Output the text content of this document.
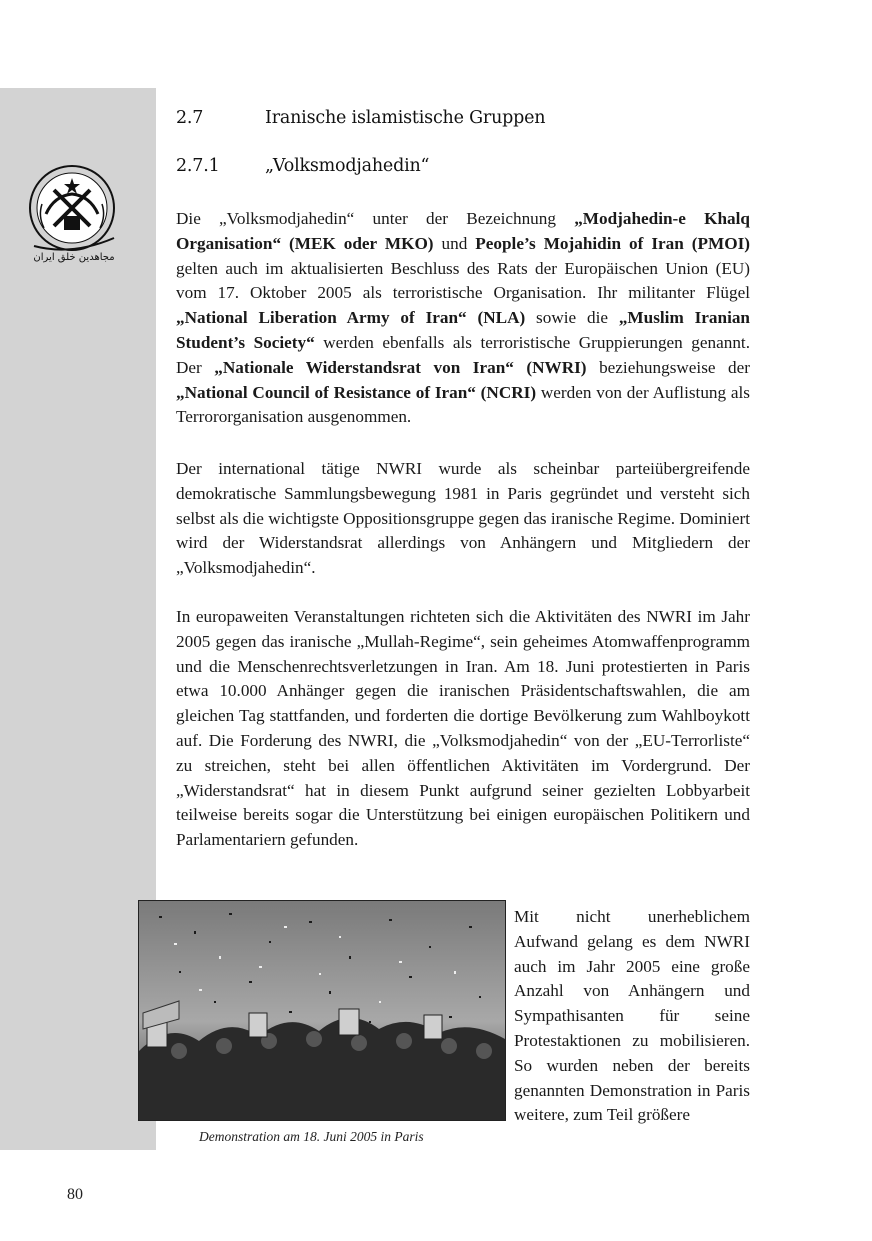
مجاهدین خلق ایران
2.7	Iranische islamistische Gruppen
2.7.1	„Volksmodjahedin“

Die „Volksmodjahedin“ unter der Bezeichnung „Modjahedin-e Khalq Organisation“ (MEK oder MKO) und People’s Mojahidin of Iran (PMOI) gelten auch im aktualisierten Beschluss des Rats der Europäischen Union (EU) vom 17. Oktober 2005 als terroristische Organisation. Ihr militanter Flügel „National Liberation Army of Iran“ (NLA) sowie die „Muslim Iranian Student’s Society“ werden ebenfalls als terroristische Gruppierungen genannt. Der „Nationale Widerstandsrat von Iran“ (NWRI) beziehungsweise der „National Council of Resistance of Iran“ (NCRI) werden von der Auflistung als Terrororganisation ausgenommen.

Der international tätige NWRI wurde als scheinbar parteiübergreifende demokratische Sammlungsbewegung 1981 in Paris gegründet und versteht sich selbst als die wichtigste Oppositionsgruppe gegen das iranische Regime. Dominiert wird der Widerstandsrat allerdings von Anhängern und Mitgliedern der „Volksmodjahedin“.

In europaweiten Veranstaltungen richteten sich die Aktivitäten des NWRI im Jahr 2005 gegen das iranische „Mullah-Regime“, sein geheimes Atomwaffenprogramm und die Menschenrechtsverletzungen in Iran. Am 18. Juni protestierten in Paris etwa 10.000 Anhänger gegen die iranischen Präsidentschaftswahlen, die am gleichen Tag stattfanden, und forderten die dortige Bevölkerung zum Wahlboykott auf. Die Forderung des NWRI, die „Volksmodjahedin“ von der „EU-Terrorliste“ zu streichen, steht bei allen öffentlichen Aktivitäten im Vordergrund. Der „Widerstandsrat“ hat in diesem Punkt aufgrund seiner gezielten Lobbyarbeit teilweise bereits sogar die Unterstützung bei einigen europäischen Politikern und Parlamentariern gefunden.

Demonstration am 18. Juni 2005 in Paris

Mit nicht unerheblichem Aufwand gelang es dem NWRI auch im Jahr 2005 eine große Anzahl von Anhängern und Sympathisanten für seine Protestaktionen zu mobilisieren. So wurden neben der bereits genannten Demonstration in Paris weitere, zum Teil größere

80
